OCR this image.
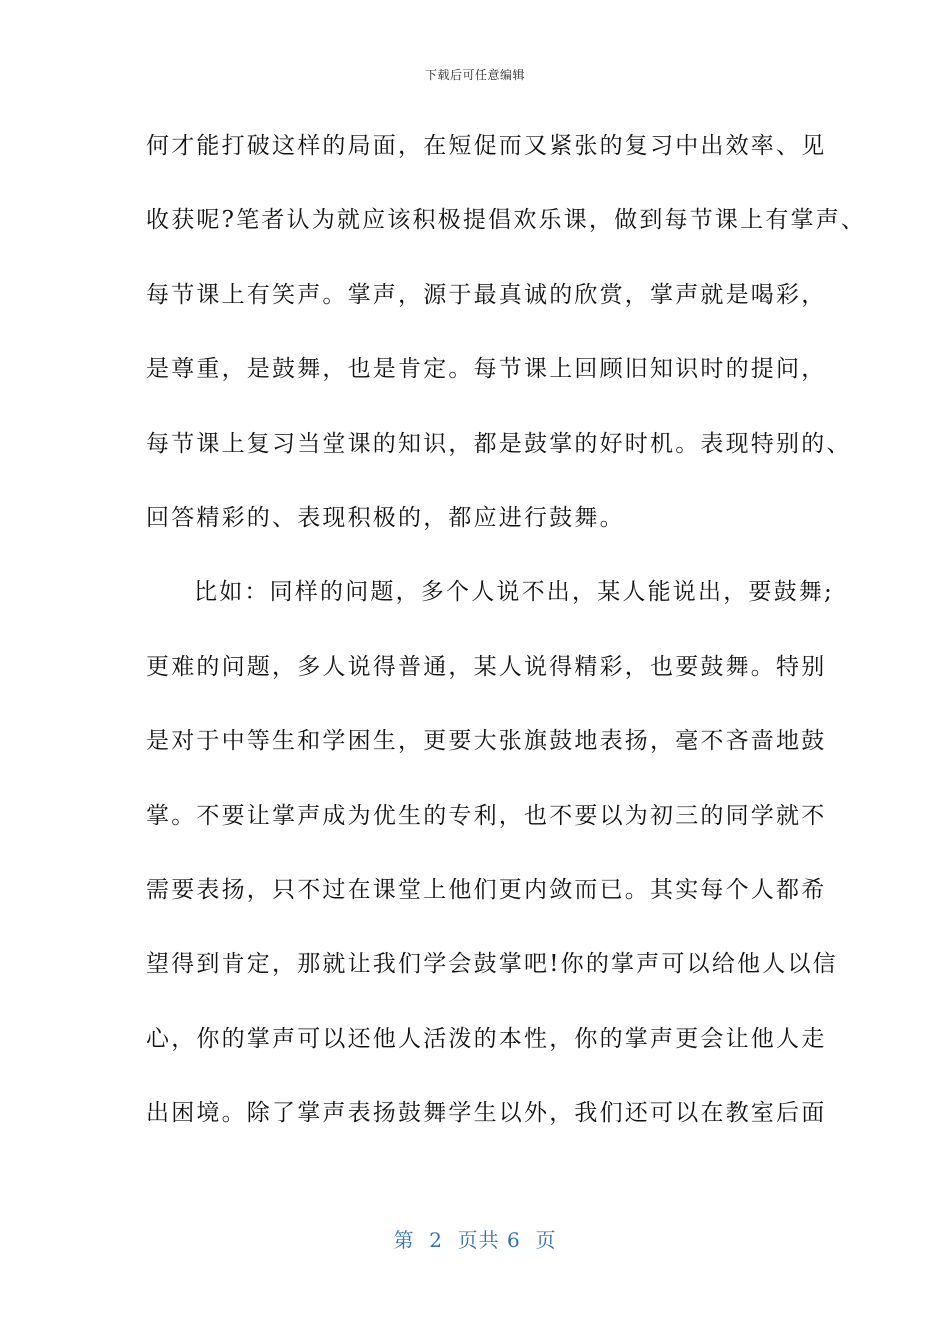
下载后可任意编辑
何才能打破这样的局面，在短促而又紧张的复习中出效率、见
收获呢?笔者认为就应该积极提倡欢乐课，做到每节课上有掌声、
每节课上有笑声。掌声，源于最真诚的欣赏，掌声就是喝彩，
是尊重，是鼓舞，也是肯定。每节课上回顾旧知识时的提问，
每节课上复习当堂课的知识，都是鼓掌的好时机。表现特别的、
回答精彩的、表现积极的，都应进行鼓舞。
比如：同样的问题，多个人说不出，某人能说出，要鼓舞;
更难的问题，多人说得普通，某人说得精彩，也要鼓舞。特别
是对于中等生和学困生，更要大张旗鼓地表扬，毫不吝啬地鼓
掌。不要让掌声成为优生的专利，也不要以为初三的同学就不
需要表扬，只不过在课堂上他们更内敛而已。其实每个人都希
望得到肯定，那就让我们学会鼓掌吧!你的掌声可以给他人以信
心，你的掌声可以还他人活泼的本性，你的掌声更会让他人走
出困境。除了掌声表扬鼓舞学生以外，我们还可以在教室后面
第  2  页共 6  页
